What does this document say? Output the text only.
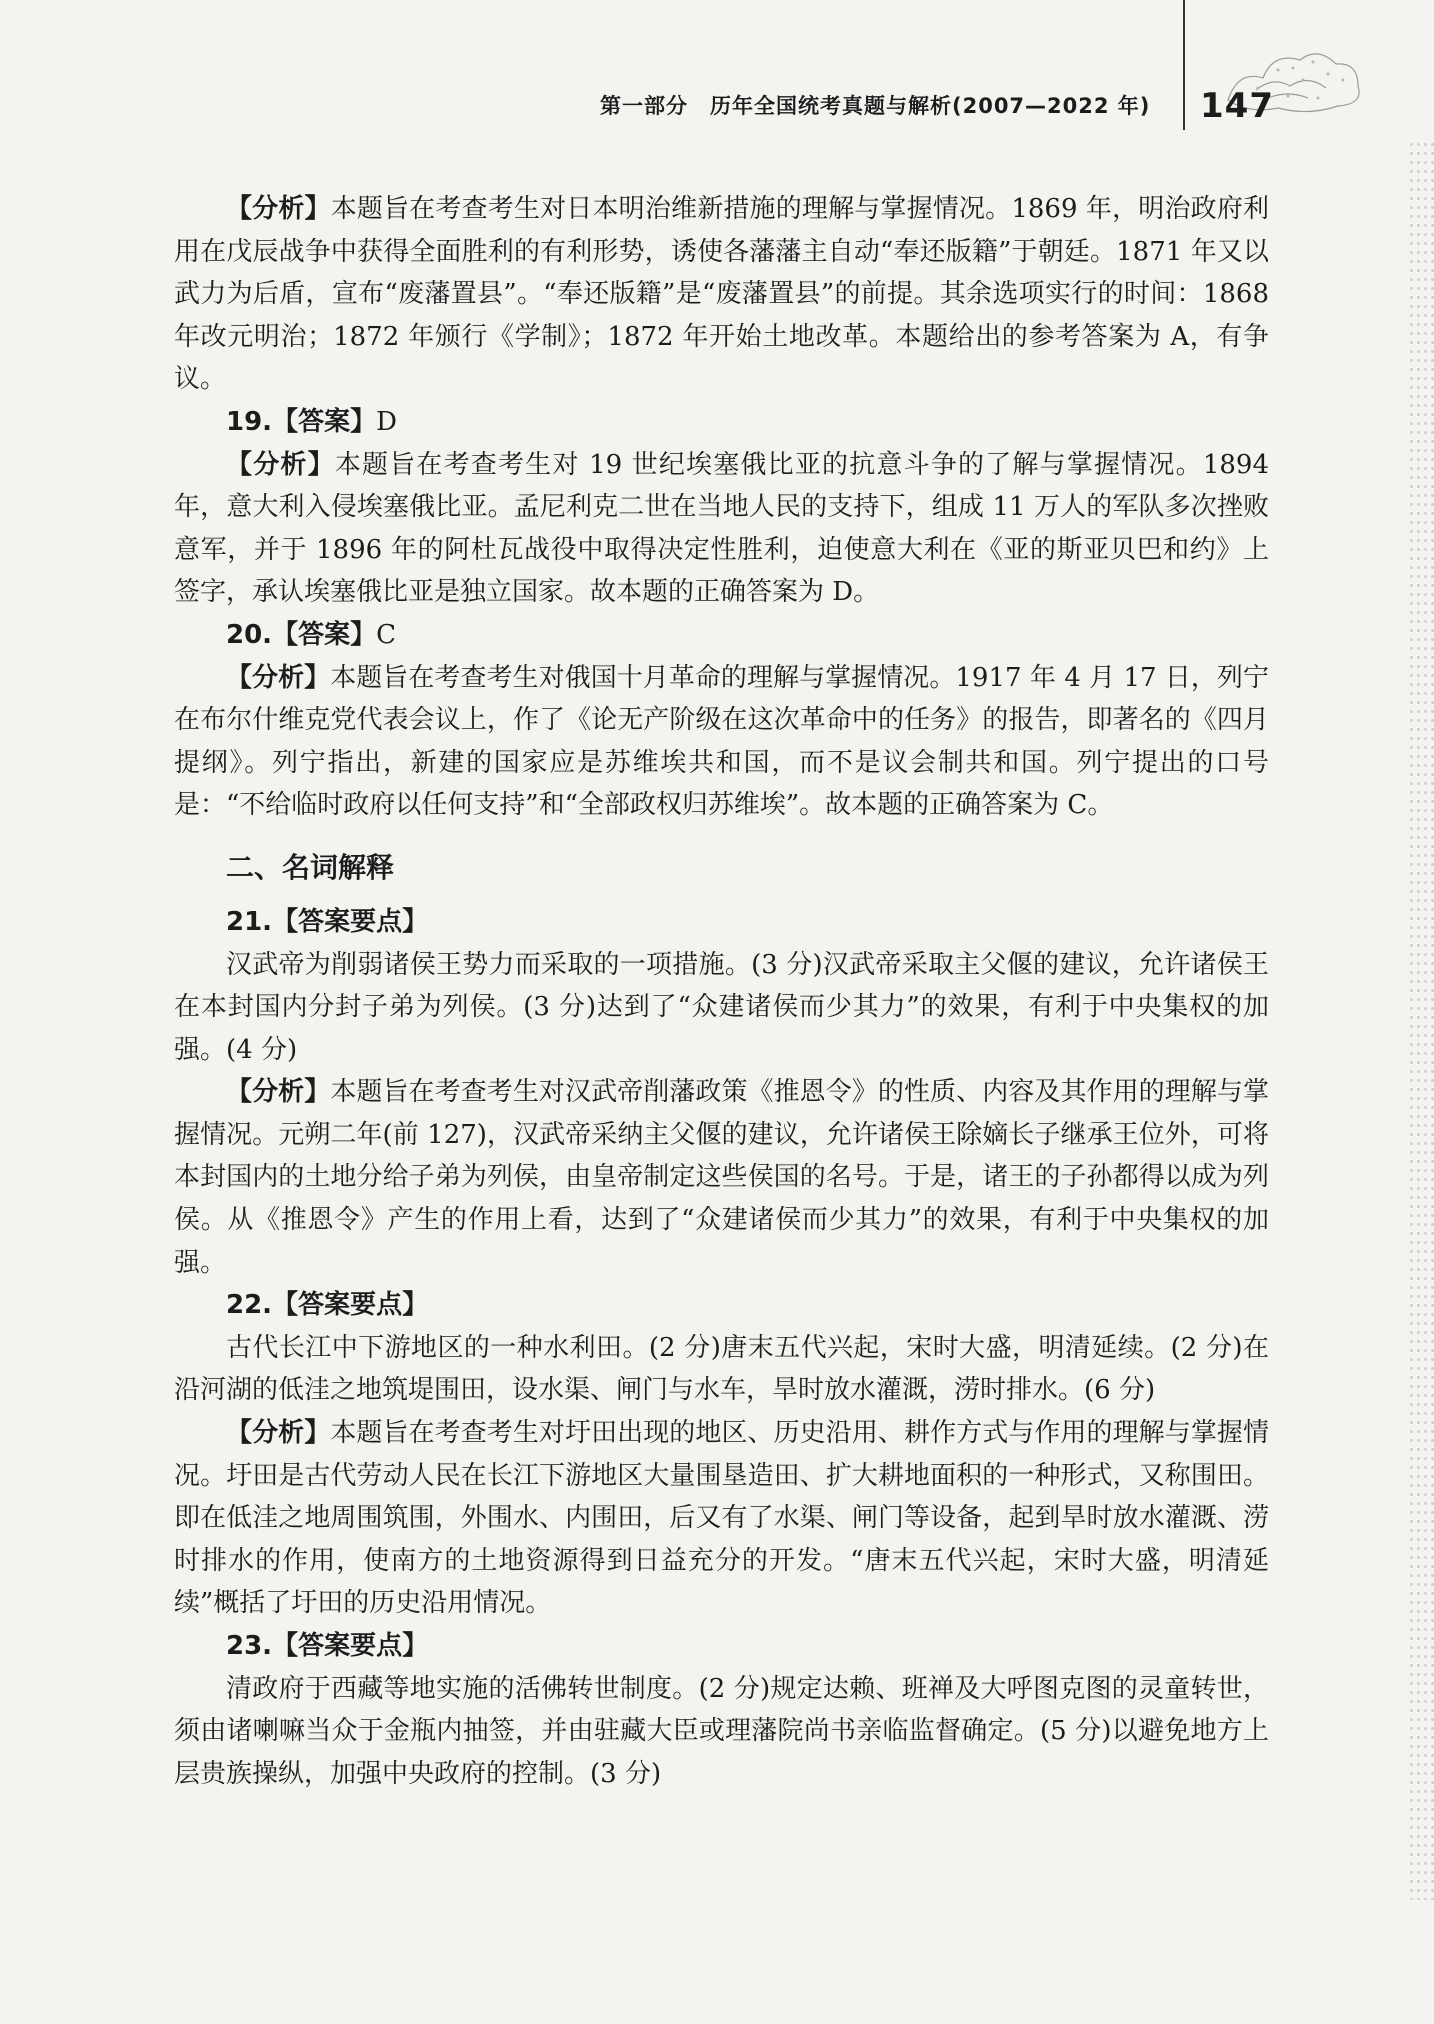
第一部分 历年全国统考真题与解析(2007—2022 年) 147

【分析】本题旨在考查考生对日本明治维新措施的理解与掌握情况。1869 年，明治政府利用在戊辰战争中获得全面胜利的有利形势，诱使各藩藩主自动“奉还版籍”于朝廷。1871 年又以武力为后盾，宣布“废藩置县”。“奉还版籍”是“废藩置县”的前提。其余选项实行的时间：1868 年改元明治；1872 年颁行《学制》；1872 年开始土地改革。本题给出的参考答案为 A，有争议。

19.【答案】D

【分析】本题旨在考查考生对 19 世纪埃塞俄比亚的抗意斗争的了解与掌握情况。1894 年，意大利入侵埃塞俄比亚。孟尼利克二世在当地人民的支持下，组成 11 万人的军队多次挫败意军，并于 1896 年的阿杜瓦战役中取得决定性胜利，迫使意大利在《亚的斯亚贝巴和约》上签字，承认埃塞俄比亚是独立国家。故本题的正确答案为 D。

20.【答案】C

【分析】本题旨在考查考生对俄国十月革命的理解与掌握情况。1917 年 4 月 17 日，列宁在布尔什维克党代表会议上，作了《论无产阶级在这次革命中的任务》的报告，即著名的《四月提纲》。列宁指出，新建的国家应是苏维埃共和国，而不是议会制共和国。列宁提出的口号是：“不给临时政府以任何支持”和“全部政权归苏维埃”。故本题的正确答案为 C。

二、名词解释

21.【答案要点】

汉武帝为削弱诸侯王势力而采取的一项措施。(3 分)汉武帝采取主父偃的建议，允许诸侯王在本封国内分封子弟为列侯。(3 分)达到了“众建诸侯而少其力”的效果，有利于中央集权的加强。(4 分)

【分析】本题旨在考查考生对汉武帝削藩政策《推恩令》的性质、内容及其作用的理解与掌握情况。元朔二年(前 127)，汉武帝采纳主父偃的建议，允许诸侯王除嫡长子继承王位外，可将本封国内的土地分给子弟为列侯，由皇帝制定这些侯国的名号。于是，诸王的子孙都得以成为列侯。从《推恩令》产生的作用上看，达到了“众建诸侯而少其力”的效果，有利于中央集权的加强。

22.【答案要点】

古代长江中下游地区的一种水利田。(2 分)唐末五代兴起，宋时大盛，明清延续。(2 分)在沿河湖的低洼之地筑堤围田，设水渠、闸门与水车，旱时放水灌溉，涝时排水。(6 分)

【分析】本题旨在考查考生对圩田出现的地区、历史沿用、耕作方式与作用的理解与掌握情况。圩田是古代劳动人民在长江下游地区大量围垦造田、扩大耕地面积的一种形式，又称围田。即在低洼之地周围筑围，外围水、内围田，后又有了水渠、闸门等设备，起到旱时放水灌溉、涝时排水的作用，使南方的土地资源得到日益充分的开发。“唐末五代兴起，宋时大盛，明清延续”概括了圩田的历史沿用情况。

23.【答案要点】

清政府于西藏等地实施的活佛转世制度。(2 分)规定达赖、班禅及大呼图克图的灵童转世，须由诸喇嘛当众于金瓶内抽签，并由驻藏大臣或理藩院尚书亲临监督确定。(5 分)以避免地方上层贵族操纵，加强中央政府的控制。(3 分)
